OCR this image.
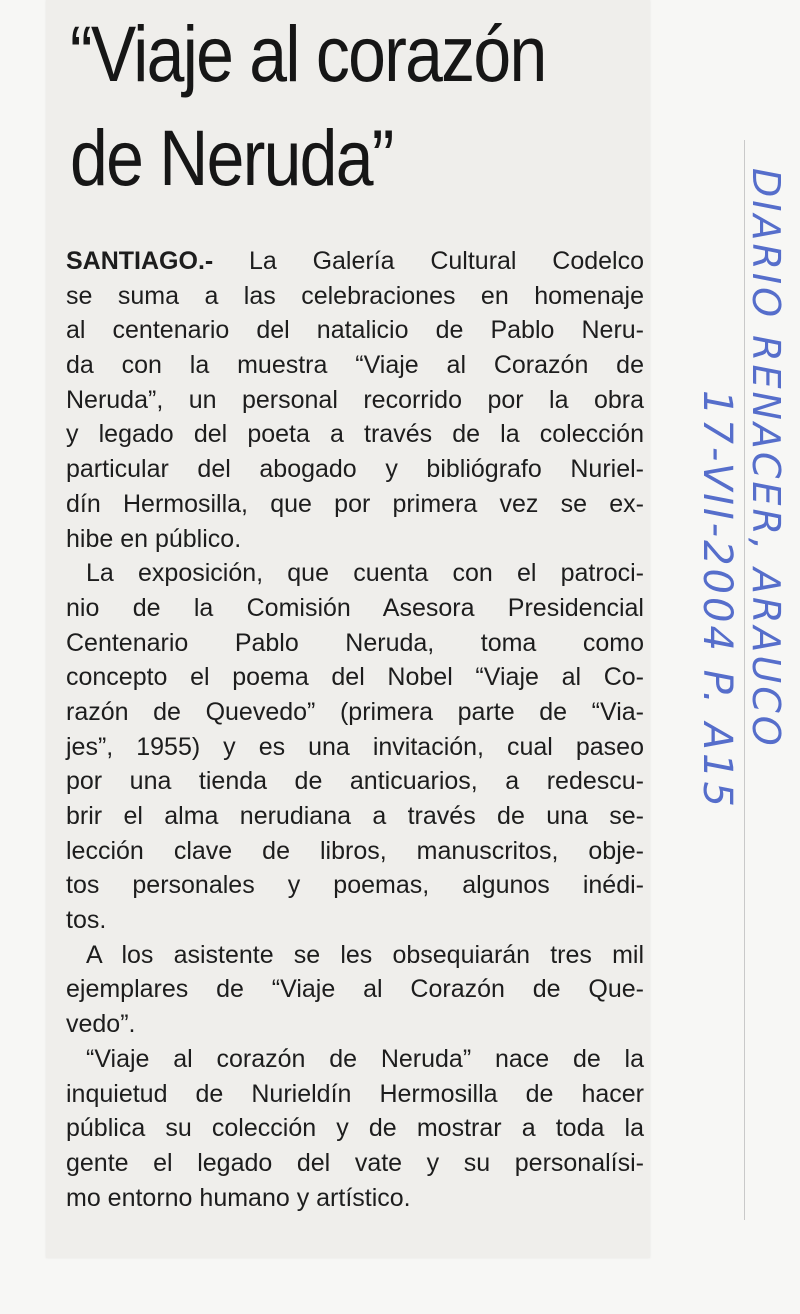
“Viaje al corazón
de Neruda”
SANTIAGO.- La Galería Cultural Codelco
se suma a las celebraciones en homenaje
al centenario del natalicio de Pablo Neru-
da con la muestra “Viaje al Corazón de
Neruda”, un personal recorrido por la obra
y legado del poeta a través de la colección
particular del abogado y bibliógrafo Nuriel-
dín Hermosilla, que por primera vez se ex-
hibe en público.
La exposición, que cuenta con el patroci-
nio de la Comisión Asesora Presidencial
Centenario Pablo Neruda, toma como
concepto el poema del Nobel “Viaje al Co-
razón de Quevedo” (primera parte de “Via-
jes”, 1955) y es una invitación, cual paseo
por una tienda de anticuarios, a redescu-
brir el alma nerudiana a través de una se-
lección clave de libros, manuscritos, obje-
tos personales y poemas, algunos inédi-
tos.
A los asistente se les obsequiarán tres mil
ejemplares de “Viaje al Corazón de Que-
vedo”.
“Viaje al corazón de Neruda” nace de la
inquietud de Nurieldín Hermosilla de hacer
pública su colección y de mostrar a toda la
gente el legado del vate y su personalísi-
mo entorno humano y artístico.
DIARIO RENACER, ARAUCO
17-VII-2004 P. A15
